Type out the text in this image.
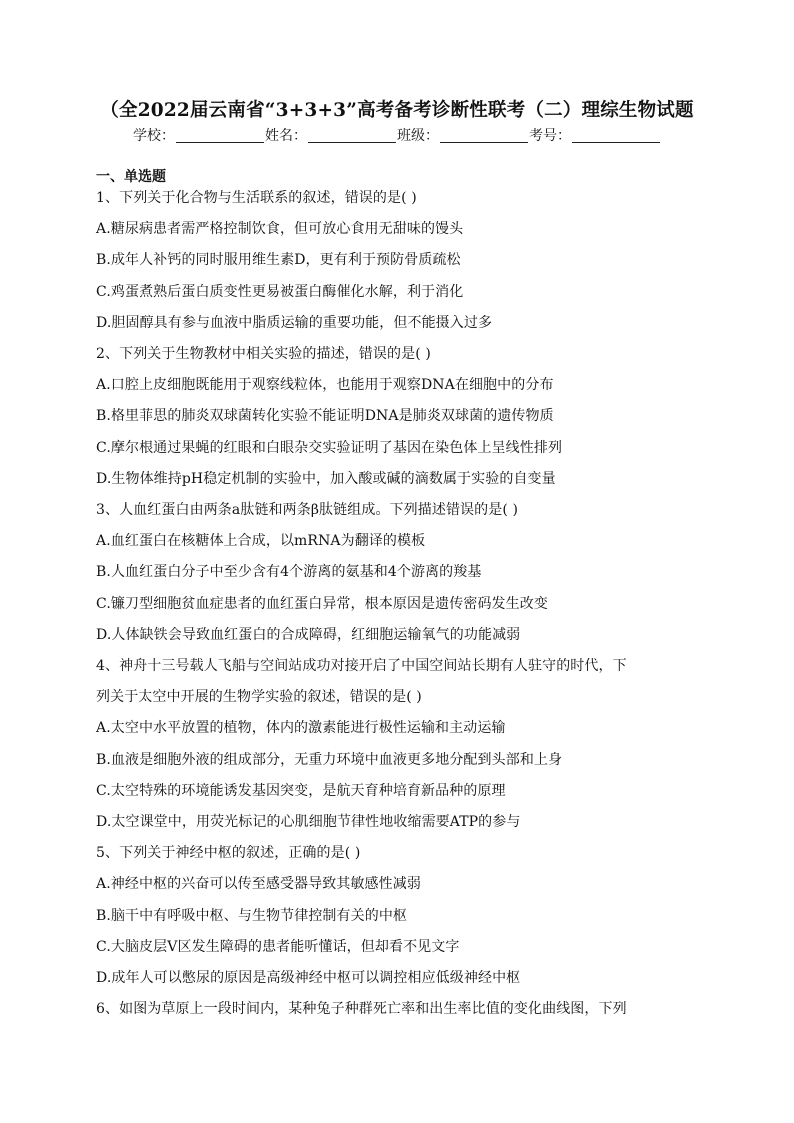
（全2022届云南省“3+3+3”高考备考诊断性联考（二）理综生物试题
学校：	姓名：	班级：	考号：
一、单选题
1、下列关于化合物与生活联系的叙述，错误的是( )
A.糖尿病患者需严格控制饮食，但可放心食用无甜味的馒头
B.成年人补钙的同时服用维生素D，更有利于预防骨质疏松
C.鸡蛋煮熟后蛋白质变性更易被蛋白酶催化水解，利于消化
D.胆固醇具有参与血液中脂质运输的重要功能，但不能摄入过多
2、下列关于生物教材中相关实验的描述，错误的是( )
A.口腔上皮细胞既能用于观察线粒体，也能用于观察DNA在细胞中的分布
B.格里菲思的肺炎双球菌转化实验不能证明DNA是肺炎双球菌的遗传物质
C.摩尔根通过果蝇的红眼和白眼杂交实验证明了基因在染色体上呈线性排列
D.生物体维持pH稳定机制的实验中，加入酸或碱的滴数属于实验的自变量
3、人血红蛋白由两条a肽链和两条β肽链组成。下列描述错误的是( )
A.血红蛋白在核糖体上合成，以mRNA为翻译的模板
B.人血红蛋白分子中至少含有4个游离的氨基和4个游离的羧基
C.镰刀型细胞贫血症患者的血红蛋白异常，根本原因是遗传密码发生改变
D.人体缺铁会导致血红蛋白的合成障碍，红细胞运输氧气的功能减弱
4、神舟十三号载人飞船与空间站成功对接开启了中国空间站长期有人驻守的时代，下
列关于太空中开展的生物学实验的叙述，错误的是( )
A.太空中水平放置的植物，体内的激素能进行极性运输和主动运输
B.血液是细胞外液的组成部分，无重力环境中血液更多地分配到头部和上身
C.太空特殊的环境能诱发基因突变，是航天育种培育新品种的原理
D.太空课堂中，用荧光标记的心肌细胞节律性地收缩需要ATP的参与
5、下列关于神经中枢的叙述，正确的是( )
A.神经中枢的兴奋可以传至感受器导致其敏感性减弱
B.脑干中有呼吸中枢、与生物节律控制有关的中枢
C.大脑皮层V区发生障碍的患者能听懂话，但却看不见文字
D.成年人可以憋尿的原因是高级神经中枢可以调控相应低级神经中枢
6、如图为草原上一段时间内，某种兔子种群死亡率和出生率比值的变化曲线图，下列
